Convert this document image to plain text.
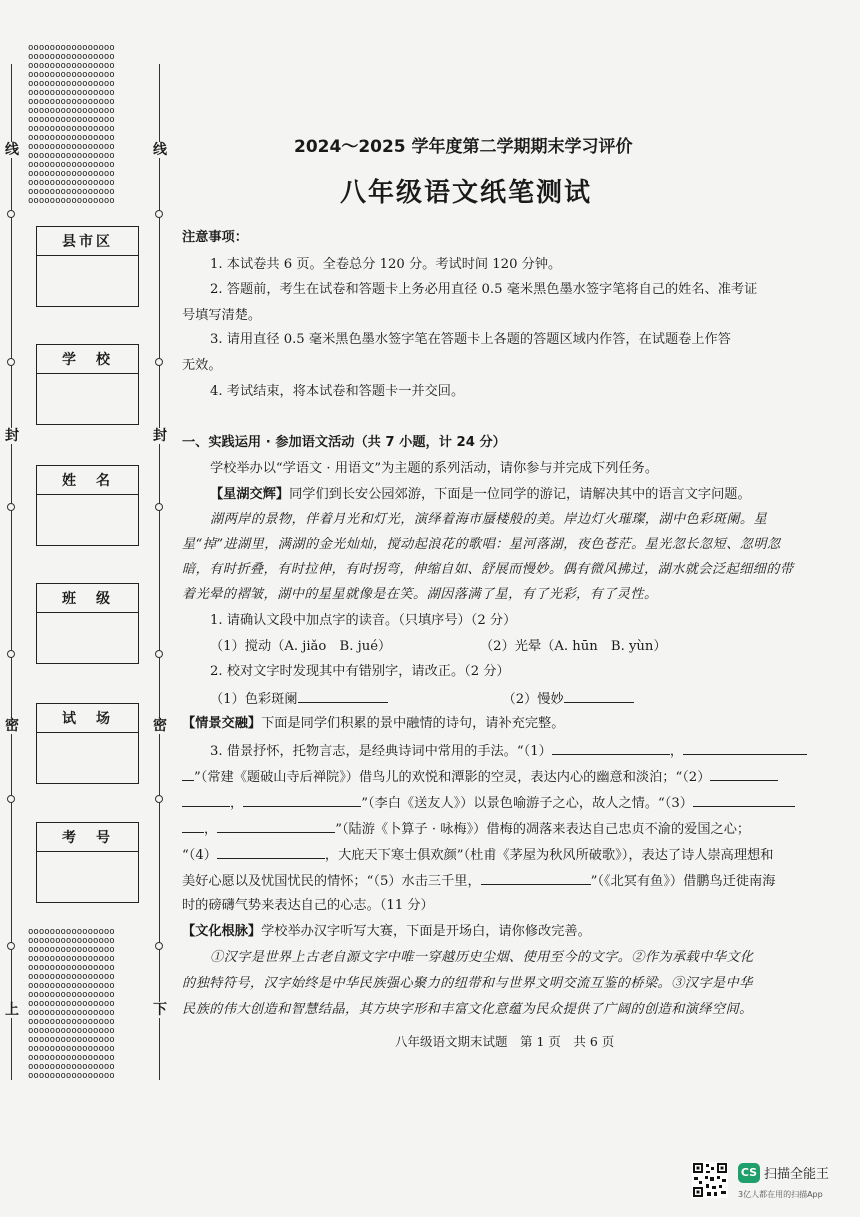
oooooooooooooooo
oooooooooooooooo
oooooooooooooooo
oooooooooooooooo
oooooooooooooooo
oooooooooooooooo
oooooooooooooooo
oooooooooooooooo
oooooooooooooooo
oooooooooooooooo
oooooooooooooooo
oooooooooooooooo
oooooooooooooooo
oooooooooooooooo
oooooooooooooooo
oooooooooooooooo
oooooooooooooooo
oooooooooooooooo
oooooooooooooooo
oooooooooooooooo
oooooooooooooooo
oooooooooooooooo
oooooooooooooooo
oooooooooooooooo
oooooooooooooooo
oooooooooooooooo
oooooooooooooooo
oooooooooooooooo
oooooooooooooooo
oooooooooooooooo
oooooooooooooooo
oooooooooooooooo
oooooooooooooooo
oooooooooooooooo
oooooooooooooooo
线
封
密
上
线
封
密
下
县市区
学　校
姓　名
班　级
试　场
考　号
2024～2025 学年度第二学期期末学习评价
八年级语文纸笔测试
注意事项：
1. 本试卷共 6 页。全卷总分 120 分。考试时间 120 分钟。
2. 答题前，考生在试卷和答题卡上务必用直径 0.5 毫米黑色墨水签字笔将自己的姓名、准考证
号填写清楚。
3. 请用直径 0.5 毫米黑色墨水签字笔在答题卡上各题的答题区域内作答，在试题卷上作答
无效。
4. 考试结束，将本试卷和答题卡一并交回。
一、实践运用 · 参加语文活动（共 7 小题，计 24 分）
学校举办以“学语文 · 用语文”为主题的系列活动，请你参与并完成下列任务。
【星湖交辉】同学们到长安公园郊游，下面是一位同学的游记，请解决其中的语言文字问题。
湖两岸的景物，伴着月光和灯光，演绎着海市蜃楼般的美。岸边灯火璀璨，湖中色彩斑阑。星
星“掉”进湖里，满湖的金光灿灿，搅动起浪花的歌唱：星河落湖，夜色苍茫。星光忽长忽短、忽明忽
暗，有时折叠，有时拉伸，有时拐弯，伸缩自如、舒展而慢妙。偶有微风拂过，湖水就会泛起细细的带
着光晕的褶皱，湖中的星星就像是在笑。湖因落满了星，有了光彩，有了灵性。
1. 请确认文段中加点字的读音。（只填序号）（2 分）
（1）搅动（A. jiǎo　B. jué）	（2）光晕（A. hūn　B. yùn）
2. 校对文字时发现其中有错别字，请改正。（2 分）
（1）色彩斑阑	（2）慢妙
【情景交融】下面是同学们积累的景中融情的诗句，请补充完整。
3. 借景抒怀，托物言志，是经典诗词中常用的手法。“（1）	，
”（常建《题破山寺后禅院》）借鸟儿的欢悦和潭影的空灵，表达内心的幽意和淡泊；“（2）
，	”（李白《送友人》）以景色喻游子之心，故人之情。“（3）
，	”（陆游《卜算子 · 咏梅》）借梅的凋落来表达自己忠贞不渝的爱国之心；
“（4）	，大庇天下寒士俱欢颜”（杜甫《茅屋为秋风所破歌》），表达了诗人崇高理想和
美好心愿以及忧国忧民的情怀；“（5）水击三千里，	”（《北冥有鱼》）借鹏鸟迁徙南海
时的磅礴气势来表达自己的心志。（11 分）
【文化根脉】学校举办汉字听写大赛，下面是开场白，请你修改完善。
①汉字是世界上古老自源文字中唯一穿越历史尘烟、使用至今的文字。②作为承载中华文化
的独特符号，汉字始终是中华民族强心聚力的纽带和与世界文明交流互鉴的桥梁。③汉字是中华
民族的伟大创造和智慧结晶，其方块字形和丰富文化意蕴为民众提供了广阔的创造和演绎空间。
八年级语文期末试题　第 1 页　共 6 页
CS 扫描全能王
3亿人都在用的扫描App
